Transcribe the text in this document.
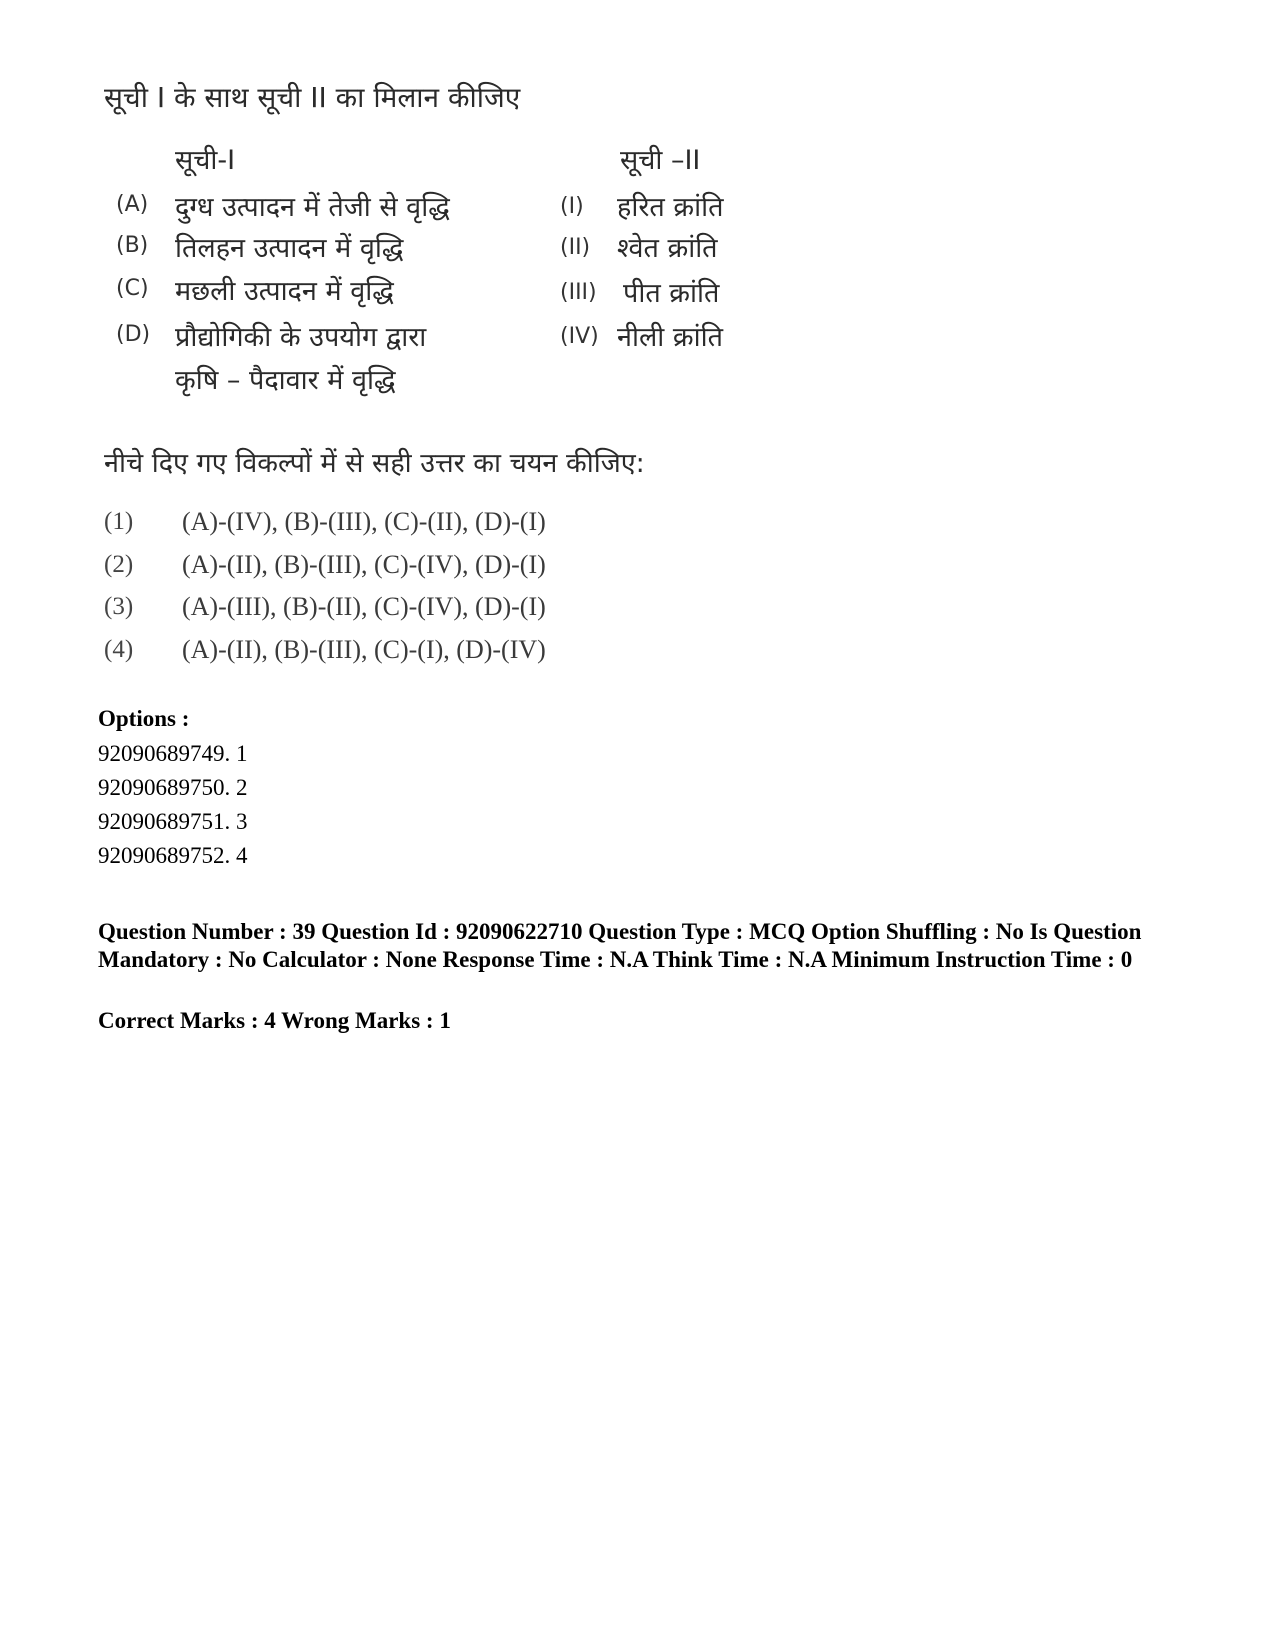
सूची I के साथ सूची II का मिलान कीजिए
सूची-I	सूची –II
(A) दुग्ध उत्पादन में तेजी से वृद्धि
(B) तिलहन उत्पादन में वृद्धि
(C) मछली उत्पादन में वृद्धि
(D) प्रौद्योगिकी के उपयोग द्वारा
कृषि – पैदावार में वृद्धि
(I) हरित क्रांति
(II) श्वेत क्रांति
(III) पीत क्रांति
(IV) नीली क्रांति
नीचे दिए गए विकल्पों में से सही उत्तर का चयन कीजिए:
(1) (A)-(IV), (B)-(III), (C)-(II), (D)-(I)
(2) (A)-(II), (B)-(III), (C)-(IV), (D)-(I)
(3) (A)-(III), (B)-(II), (C)-(IV), (D)-(I)
(4) (A)-(II), (B)-(III), (C)-(I), (D)-(IV)
Options :
92090689749. 1
92090689750. 2
92090689751. 3
92090689752. 4
Question Number : 39 Question Id : 92090622710 Question Type : MCQ Option Shuffling : No Is Question Mandatory : No Calculator : None Response Time : N.A Think Time : N.A Minimum Instruction Time : 0
Correct Marks : 4 Wrong Marks : 1
